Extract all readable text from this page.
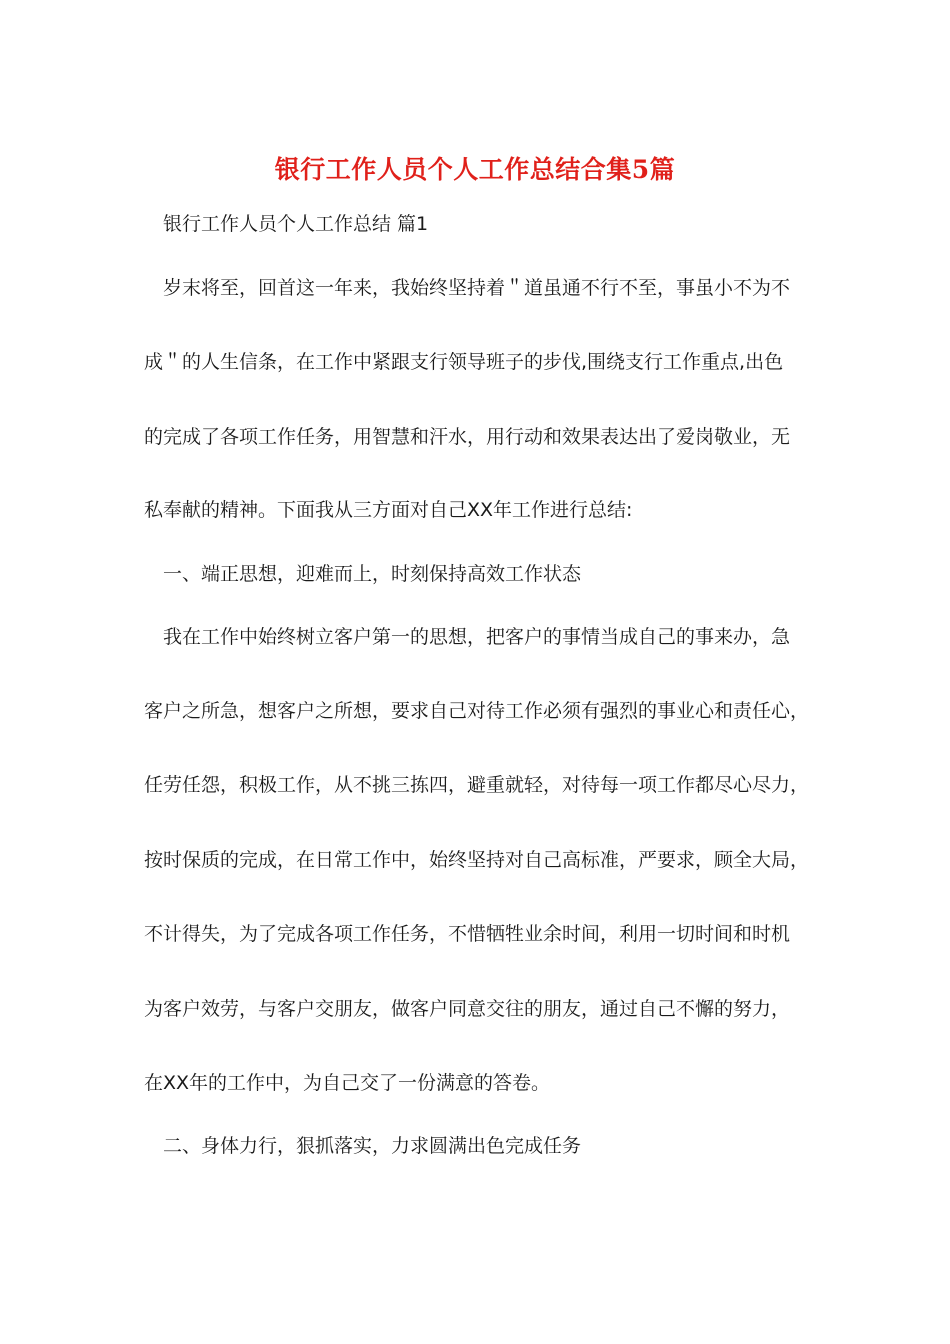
银行工作人员个人工作总结合集5篇
银行工作人员个人工作总结 篇1
岁末将至，回首这一年来，我始终坚持着＂道虽通不行不至，事虽小不为不
成＂的人生信条，在工作中紧跟支行领导班子的步伐,围绕支行工作重点,出色
的完成了各项工作任务，用智慧和汗水，用行动和效果表达出了爱岗敬业，无
私奉献的精神。下面我从三方面对自己XX年工作进行总结:
一、端正思想，迎难而上，时刻保持高效工作状态
我在工作中始终树立客户第一的思想，把客户的事情当成自己的事来办，急
客户之所急，想客户之所想，要求自己对待工作必须有强烈的事业心和责任心，
任劳任怨，积极工作，从不挑三拣四，避重就轻，对待每一项工作都尽心尽力，
按时保质的完成，在日常工作中，始终坚持对自己高标准，严要求，顾全大局，
不计得失，为了完成各项工作任务，不惜牺牲业余时间，利用一切时间和时机
为客户效劳，与客户交朋友，做客户同意交往的朋友，通过自己不懈的努力，
在XX年的工作中，为自己交了一份满意的答卷。
二、身体力行，狠抓落实，力求圆满出色完成任务
